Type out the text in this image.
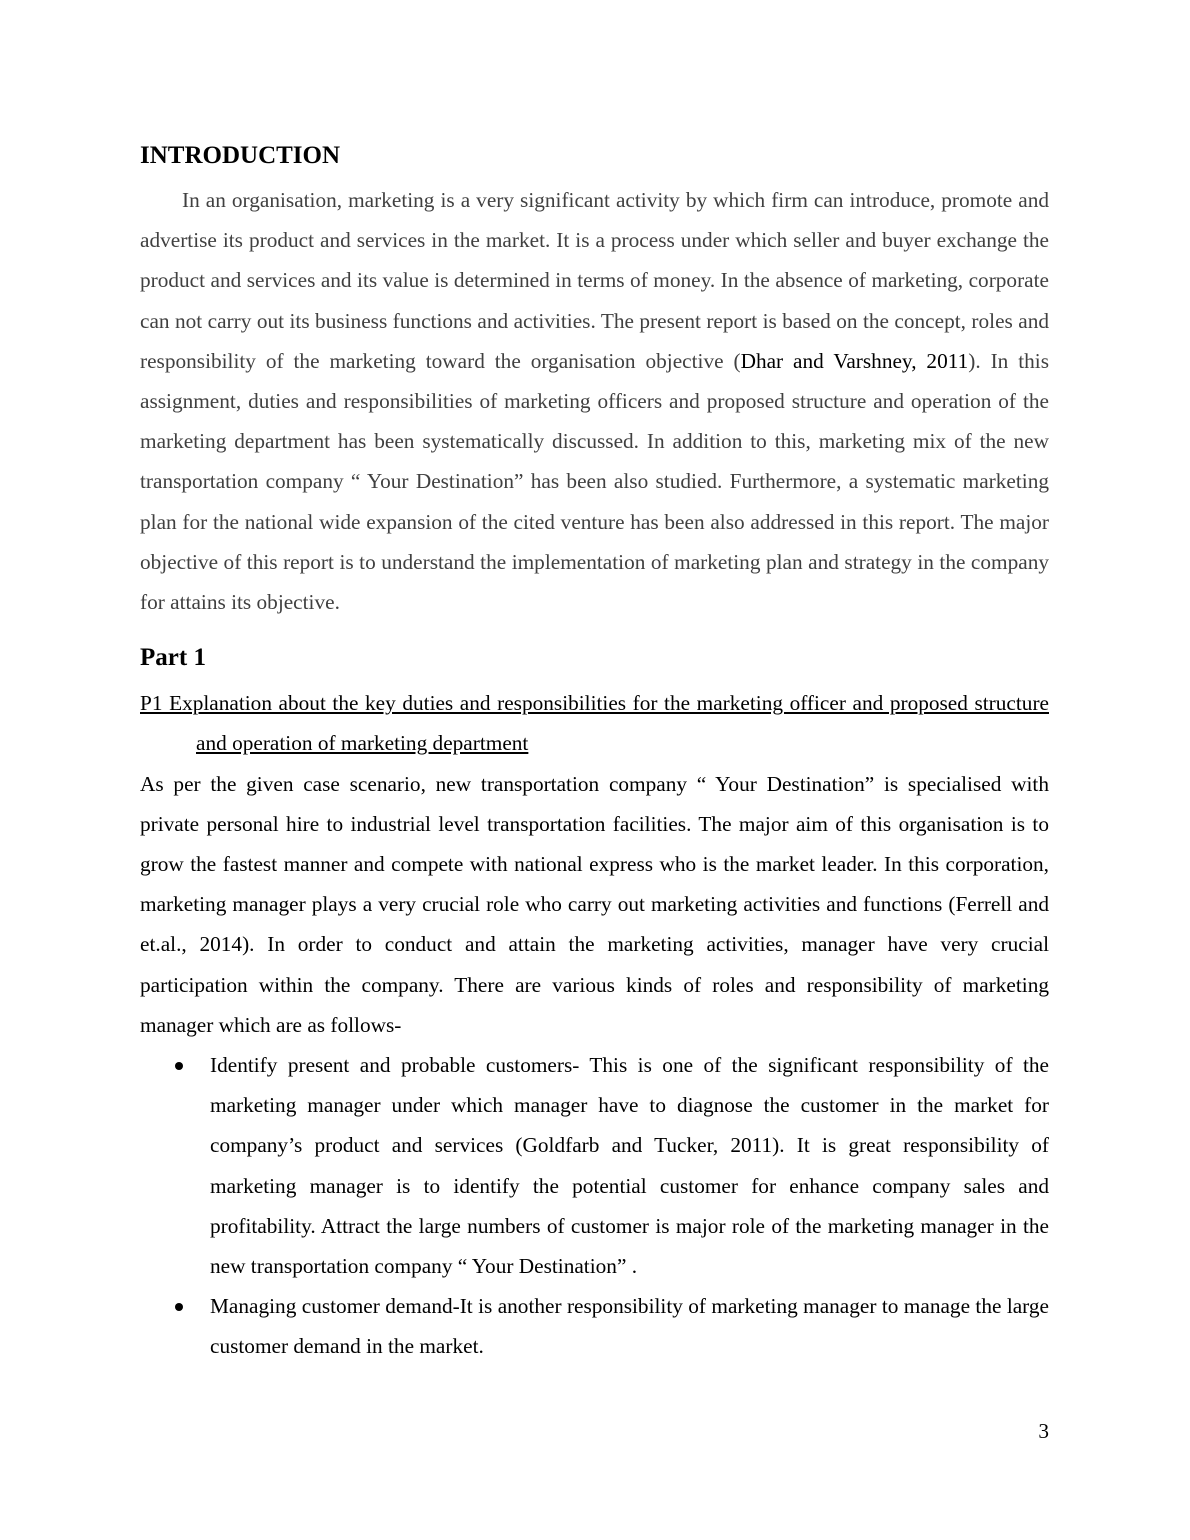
INTRODUCTION

In an organisation, marketing is a very significant activity by which firm can introduce, promote and advertise its product and services in the market. It is a process under which seller and buyer exchange the product and services and its value is determined in terms of money. In the absence of marketing, corporate can not carry out its business functions and activities. The present report is based on the concept, roles and responsibility of the marketing toward the organisation objective (Dhar and Varshney, 2011). In this assignment, duties and responsibilities of marketing officers and proposed structure and operation of the marketing department has been systematically discussed. In addition to this, marketing mix of the new transportation company “ Your Destination” has been also studied. Furthermore, a systematic marketing plan for the national wide expansion of the cited venture has been also addressed in this report. The major objective of this report is to understand the implementation of marketing plan and strategy in the company for attains its objective.

Part 1

P1 Explanation about the key duties and responsibilities for the marketing officer and proposed structure and operation of marketing department

As per the given case scenario, new transportation company “ Your Destination” is specialised with private personal hire to industrial level transportation facilities. The major aim of this organisation is to grow the fastest manner and compete with national express who is the market leader. In this corporation, marketing manager plays a very crucial role who carry out marketing activities and functions (Ferrell and et.al., 2014). In order to conduct and attain the marketing activities, manager have very crucial participation within the company. There are various kinds of roles and responsibility of marketing manager which are as follows-

Identify present and probable customers- This is one of the significant responsibility of the marketing manager under which manager have to diagnose the customer in the market for company’s product and services (Goldfarb and Tucker, 2011). It is great responsibility of marketing manager is to identify the potential customer for enhance company sales and profitability. Attract the large numbers of customer is major role of the marketing manager in the new transportation company “ Your Destination” .
Managing customer demand-It is another responsibility of marketing manager to manage the large customer demand in the market.
3
